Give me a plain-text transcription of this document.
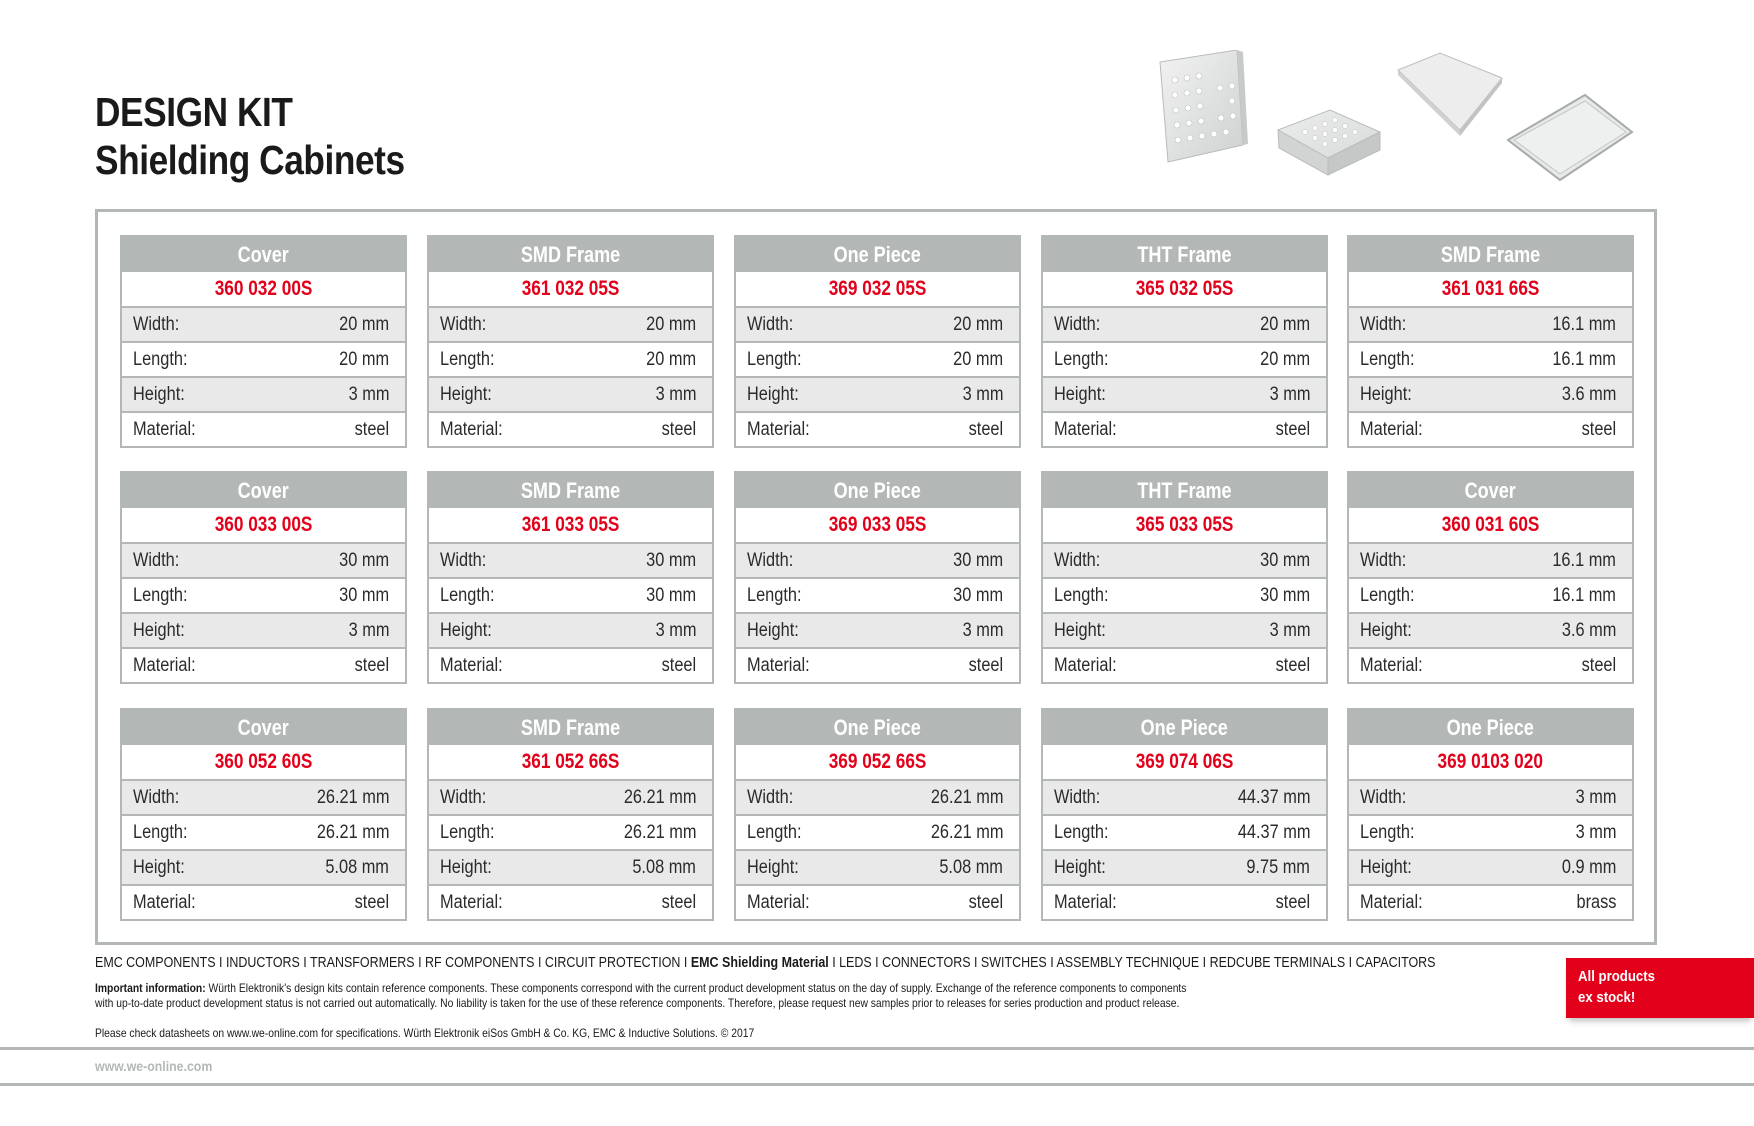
DESIGN KIT
Shielding Cabinets
Cover
360 032 00S
Width:	20 mm
Length:	20 mm
Height:	3 mm
Material:	steel
SMD Frame
361 032 05S
Width:	20 mm
Length:	20 mm
Height:	3 mm
Material:	steel
One Piece
369 032 05S
Width:	20 mm
Length:	20 mm
Height:	3 mm
Material:	steel
THT Frame
365 032 05S
Width:	20 mm
Length:	20 mm
Height:	3 mm
Material:	steel
SMD Frame
361 031 66S
Width:	16.1 mm
Length:	16.1 mm
Height:	3.6 mm
Material:	steel
Cover
360 033 00S
Width:	30 mm
Length:	30 mm
Height:	3 mm
Material:	steel
SMD Frame
361 033 05S
Width:	30 mm
Length:	30 mm
Height:	3 mm
Material:	steel
One Piece
369 033 05S
Width:	30 mm
Length:	30 mm
Height:	3 mm
Material:	steel
THT Frame
365 033 05S
Width:	30 mm
Length:	30 mm
Height:	3 mm
Material:	steel
Cover
360 031 60S
Width:	16.1 mm
Length:	16.1 mm
Height:	3.6 mm
Material:	steel
Cover
360 052 60S
Width:	26.21 mm
Length:	26.21 mm
Height:	5.08 mm
Material:	steel
SMD Frame
361 052 66S
Width:	26.21 mm
Length:	26.21 mm
Height:	5.08 mm
Material:	steel
One Piece
369 052 66S
Width:	26.21 mm
Length:	26.21 mm
Height:	5.08 mm
Material:	steel
One Piece
369 074 06S
Width:	44.37 mm
Length:	44.37 mm
Height:	9.75 mm
Material:	steel
One Piece
369 0103 020
Width:	3 mm
Length:	3 mm
Height:	0.9 mm
Material:	brass
EMC COMPONENTS I INDUCTORS I TRANSFORMERS I RF COMPONENTS I CIRCUIT PROTECTION I EMC Shielding Material I LEDS I CONNECTORS I SWITCHES I ASSEMBLY TECHNIQUE I REDCUBE TERMINALS I CAPACITORS
Important information: Würth Elektronik's design kits contain reference components. These components correspond with the current product development status on the day of supply. Exchange of the reference components to components
with up-to-date product development status is not carried out automatically. No liability is taken for the use of these reference components. Therefore, please request new samples prior to releases for series production and product release.
Please check datasheets on www.we-online.com for specifications. Würth Elektronik eiSos GmbH & Co. KG, EMC & Inductive Solutions. © 2017
All products
ex stock!
www.we-online.com
